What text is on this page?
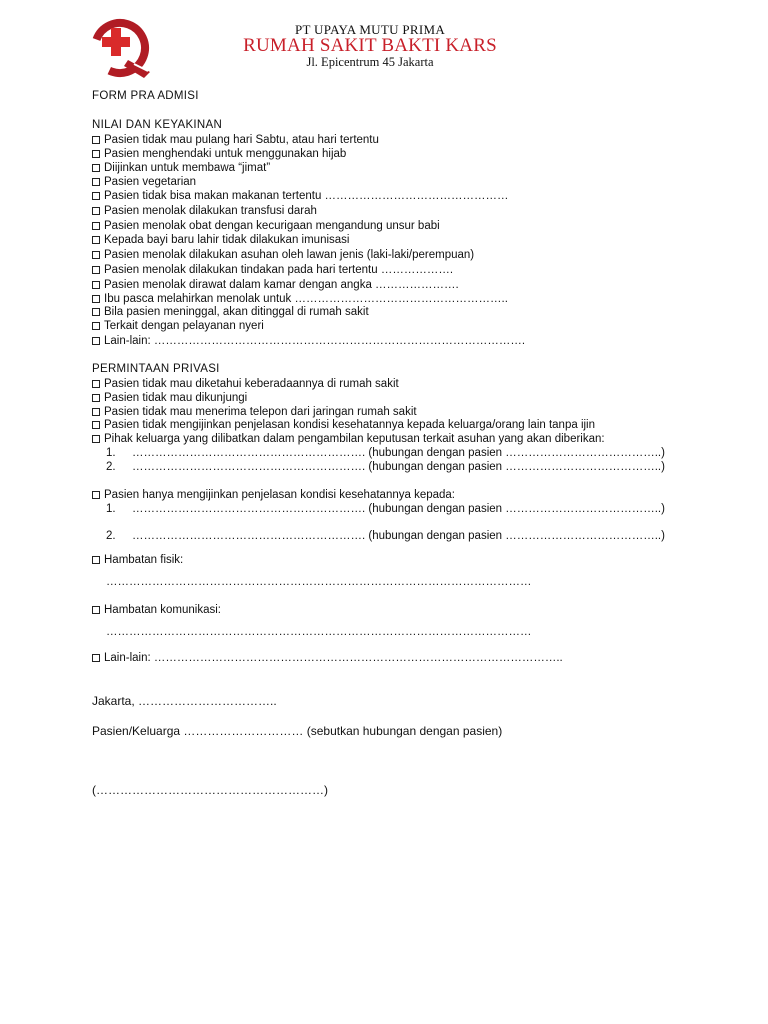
PT UPAYA MUTU PRIMA
RUMAH SAKIT BAKTI KARS
Jl. Epicentrum 45 Jakarta
FORM PRA ADMISI
NILAI DAN KEYAKINAN
Pasien tidak mau pulang hari Sabtu, atau hari tertentu
Pasien menghendaki untuk menggunakan hijab
Diijinkan untuk membawa “jimat”
Pasien vegetarian
Pasien tidak bisa makan makanan tertentu …………………………………………
Pasien menolak dilakukan transfusi darah
Pasien menolak obat dengan kecurigaan mengandung unsur babi
Kepada bayi baru lahir tidak dilakukan imunisasi
Pasien menolak dilakukan asuhan oleh lawan jenis (laki-laki/perempuan)
Pasien menolak dilakukan tindakan pada hari tertentu ……………….
Pasien menolak dirawat dalam kamar dengan angka ………………….
Ibu pasca melahirkan menolak untuk ………………………………………………..
Bila pasien meninggal, akan ditinggal di rumah sakit
Terkait dengan pelayanan nyeri
Lain-lain: …………………………………………………………………………………….
PERMINTAAN PRIVASI
Pasien tidak mau diketahui keberadaannya di rumah sakit
Pasien tidak mau dikunjungi
Pasien tidak mau menerima telepon dari jaringan rumah sakit
Pasien tidak mengijinkan penjelasan kondisi kesehatannya kepada keluarga/orang lain tanpa ijin
Pihak keluarga yang dilibatkan dalam pengambilan keputusan terkait asuhan yang akan diberikan:
1. ……………………………………………………. (hubungan dengan pasien …………………………………..)
2. ……………………………………………………. (hubungan dengan pasien …………………………………..)
Pasien hanya mengijinkan penjelasan kondisi kesehatannya kepada:
1. ……………………………………………………. (hubungan dengan pasien …………………………………..)
2. ……………………………………………………. (hubungan dengan pasien …………………………………..)
Hambatan fisik:
…………………………………………………………………………………………………
Hambatan komunikasi:
…………………………………………………………………………………………………
Lain-lain: ……………………………………………………………………………………………..
Jakarta, ……………………………..
Pasien/Keluarga ………………………… (sebutkan hubungan dengan pasien)
(…………………………………………………)
